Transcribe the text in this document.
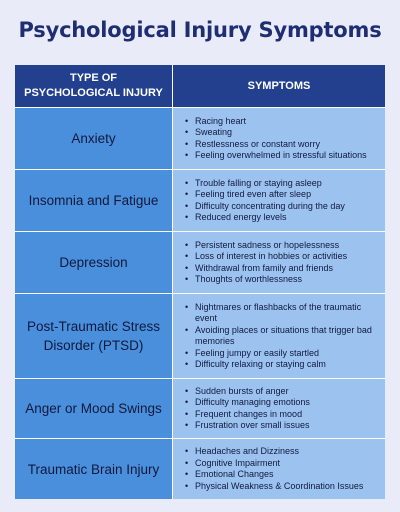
Psychological Injury Symptoms
TYPE OF
PSYCHOLOGICAL INJURY
SYMPTOMS
Anxiety
• Racing heart
• Sweating
• Restlessness or constant worry
• Feeling overwhelmed in stressful situations
Insomnia and Fatigue
• Trouble falling or staying asleep
• Feeling tired even after sleep
• Difficulty concentrating during the day
• Reduced energy levels
Depression
• Persistent sadness or hopelessness
• Loss of interest in hobbies or activities
• Withdrawal from family and friends
• Thoughts of worthlessness
Post-Traumatic Stress Disorder (PTSD)
• Nightmares or flashbacks of the traumatic event
• Avoiding places or situations that trigger bad memories
• Feeling jumpy or easily startled
• Difficulty relaxing or staying calm
Anger or Mood Swings
• Sudden bursts of anger
• Difficulty managing emotions
• Frequent changes in mood
• Frustration over small issues
Traumatic Brain Injury
• Headaches and Dizziness
• Cognitive Impairment
• Emotional Changes
• Physical Weakness & Coordination Issues
